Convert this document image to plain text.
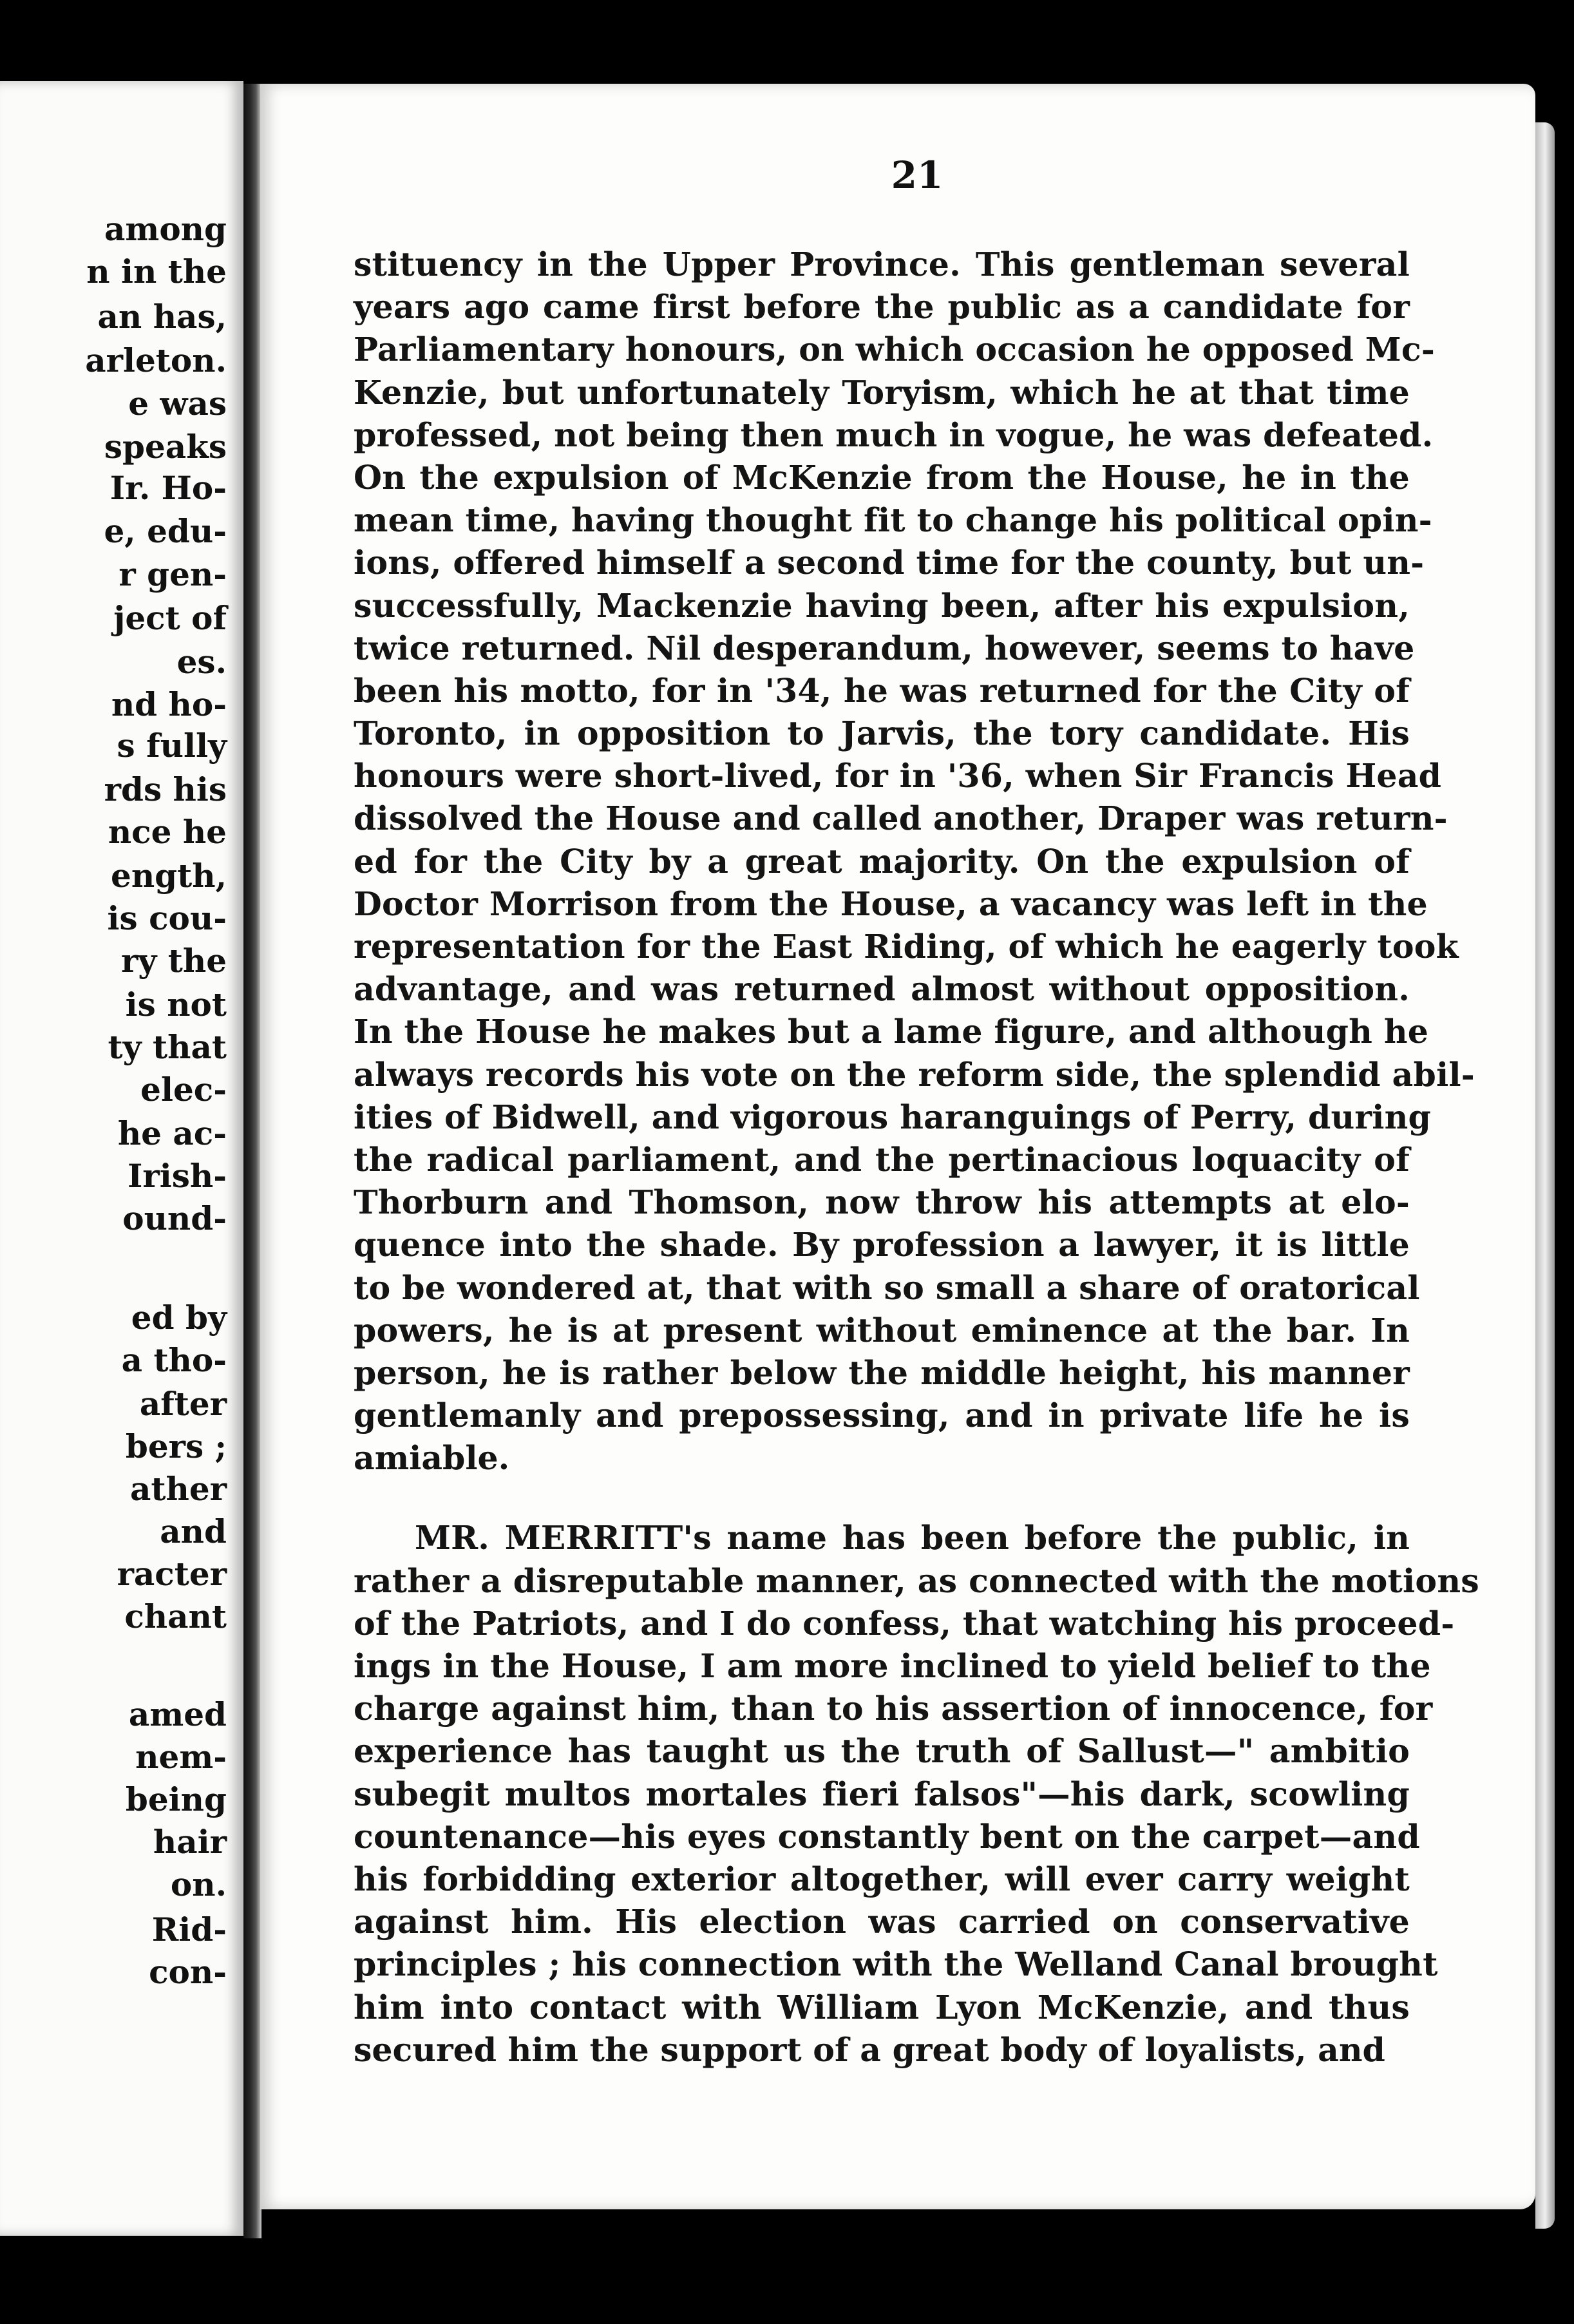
among

n in the

an has,

arleton.

e was

speaks

Ir. Ho-

e, edu-

r gen-

ject of

es.

nd ho-

s fully

rds his

nce he

ength,

is cou-

ry the

is not

ty that

elec-

he ac-

Irish-

ound-

ed by

a tho-

after

bers ;

ather

and

racter

chant

amed

nem-

being

hair

on.

Rid-

con-

21

stituency in the Upper Province. This gentleman several
years ago came first before the public as a candidate for
Parliamentary honours, on which occasion he opposed Mc-
Kenzie, but unfortunately Toryism, which he at that time
professed, not being then much in vogue, he was defeated.
On the expulsion of McKenzie from the House, he in the
mean time, having thought fit to change his political opin-
ions, offered himself a second time for the county, but un-
successfully, Mackenzie having been, after his expulsion,
twice returned. Nil desperandum, however, seems to have
been his motto, for in '34, he was returned for the City of
Toronto, in opposition to Jarvis, the tory candidate. His
honours were short-lived, for in '36, when Sir Francis Head
dissolved the House and called another, Draper was return-
ed for the City by a great majority. On the expulsion of
Doctor Morrison from the House, a vacancy was left in the
representation for the East Riding, of which he eagerly took
advantage, and was returned almost without opposition.
In the House he makes but a lame figure, and although he
always records his vote on the reform side, the splendid abil-
ities of Bidwell, and vigorous haranguings of Perry, during
the radical parliament, and the pertinacious loquacity of
Thorburn and Thomson, now throw his attempts at elo-
quence into the shade. By profession a lawyer, it is little
to be wondered at, that with so small a share of oratorical
powers, he is at present without eminence at the bar. In
person, he is rather below the middle height, his manner
gentlemanly and prepossessing, and in private life he is
amiable.
MR. MERRITT's name has been before the public, in
rather a disreputable manner, as connected with the motions
of the Patriots, and I do confess, that watching his proceed-
ings in the House, I am more inclined to yield belief to the
charge against him, than to his assertion of innocence, for
experience has taught us the truth of Sallust—" ambitio
subegit multos mortales fieri falsos"—his dark, scowling
countenance—his eyes constantly bent on the carpet—and
his forbidding exterior altogether, will ever carry weight
against him. His election was carried on conservative
principles ; his connection with the Welland Canal brought
him into contact with William Lyon McKenzie, and thus
secured him the support of a great body of loyalists, and
